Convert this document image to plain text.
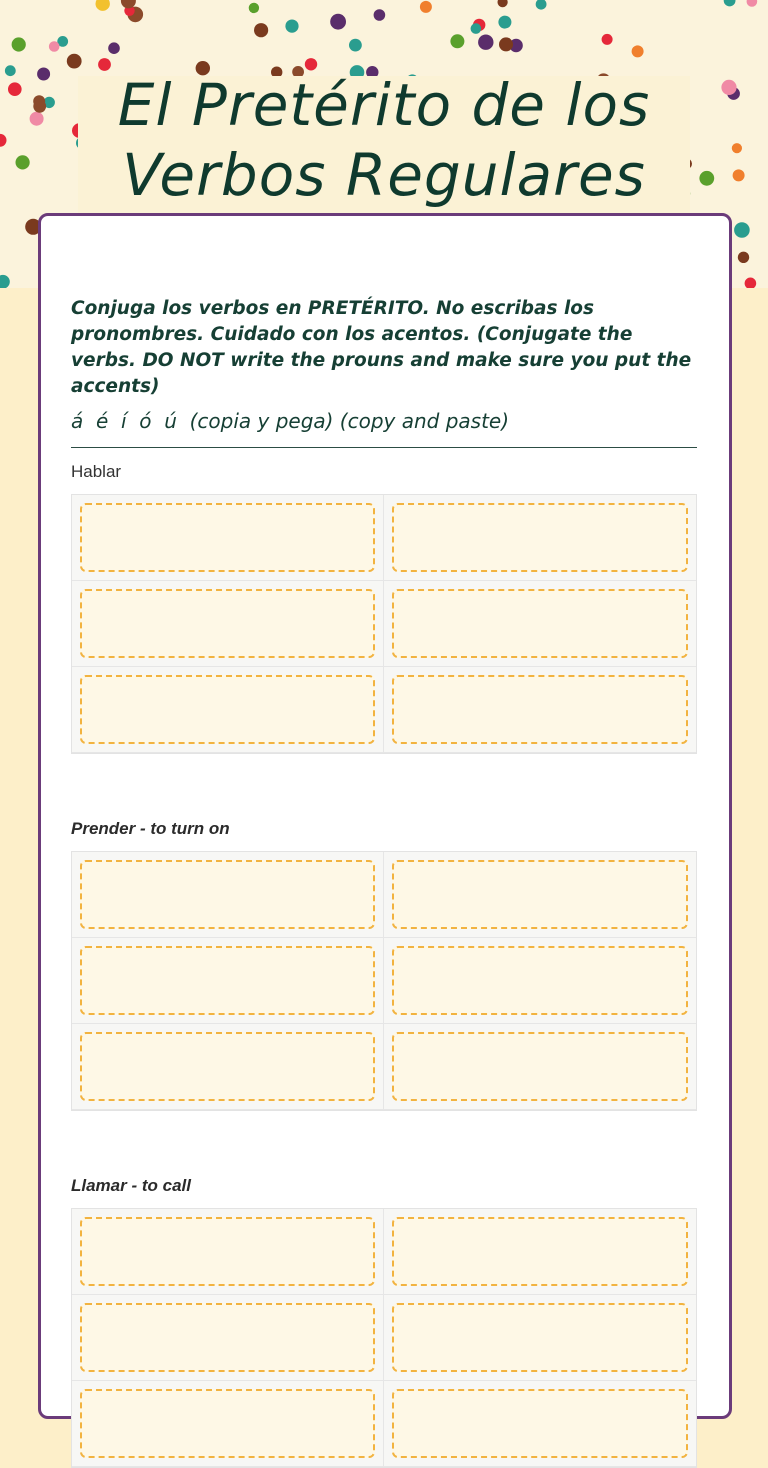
El Pretérito de los Verbos Regulares

Conjuga los verbos en PRETÉRITO. No escribas los pronombres. Cuidado con los acentos. (Conjugate the verbs. DO NOT write the prouns and make sure you put the accents)

á  é  í  ó  ú  (copia y pega) (copy and paste)

Hablar

Prender - to turn on

Llamar - to call
